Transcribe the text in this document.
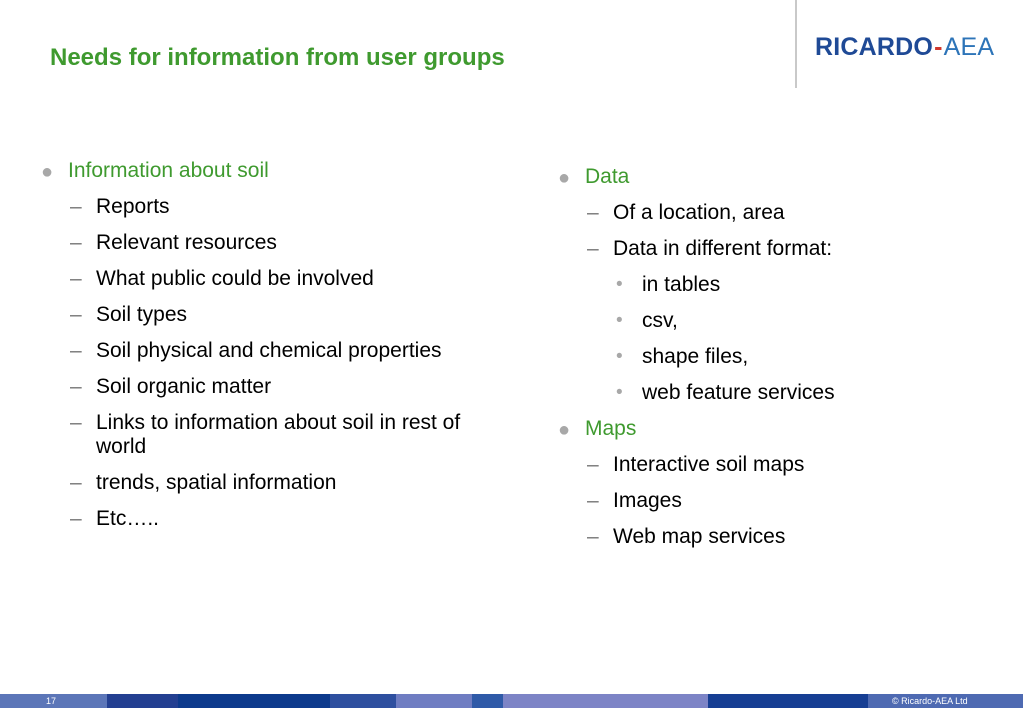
Needs for information from user groups	RICARDO-AEA
● Information about soil
– Reports
– Relevant resources
– What public could be involved
– Soil types
– Soil physical and chemical properties
– Soil organic matter
– Links to information about soil in rest of world
– trends, spatial information
– Etc…..
● Data
– Of a location, area
– Data in different format:
• in tables
• csv,
• shape files,
• web feature services
● Maps
– Interactive soil maps
– Images
– Web map services
17	© Ricardo-AEA Ltd
